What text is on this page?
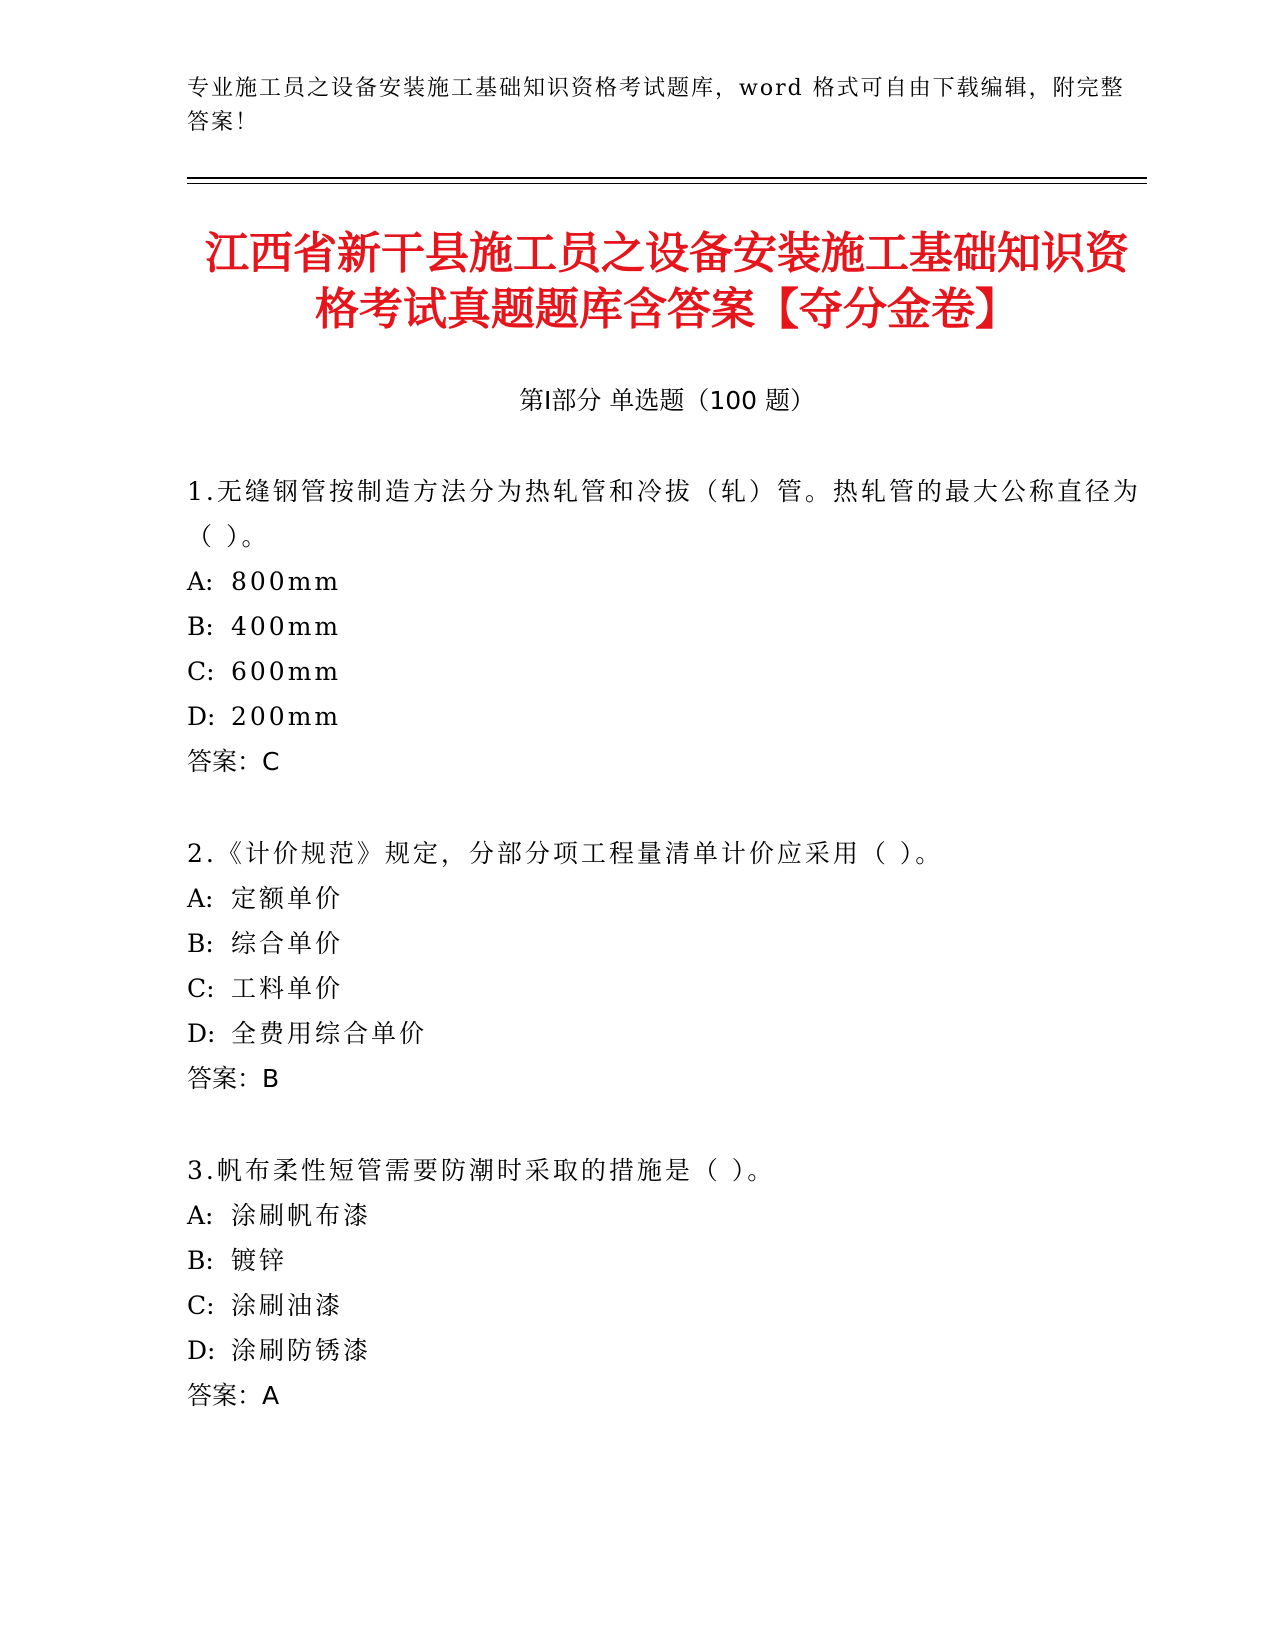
专业施工员之设备安装施工基础知识资格考试题库，word 格式可自由下载编辑，附完整答案！
江西省新干县施工员之设备安装施工基础知识资格考试真题题库含答案【夺分金卷】
第Ⅰ部分 单选题（100 题）

1.无缝钢管按制造方法分为热轧管和冷拔（轧）管。热轧管的最大公称直径为（ ）。

A: 800mm

B: 400mm

C: 600mm

D: 200mm

答案：C

2.《计价规范》规定，分部分项工程量清单计价应采用（ ）。

A: 定额单价

B: 综合单价

C: 工料单价

D: 全费用综合单价

答案：B

3.帆布柔性短管需要防潮时采取的措施是（ ）。

A: 涂刷帆布漆

B: 镀锌

C: 涂刷油漆

D: 涂刷防锈漆

答案：A
